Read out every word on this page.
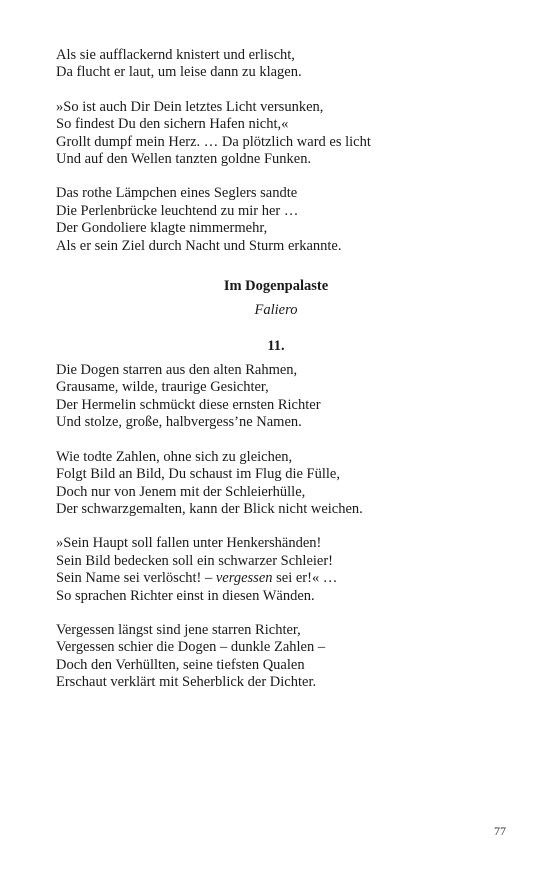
Als sie aufflackernd knistert und erlischt,
Da flucht er laut, um leise dann zu klagen.
»So ist auch Dir Dein letztes Licht versunken,
So findest Du den sichern Hafen nicht,«
Grollt dumpf mein Herz. … Da plötzlich ward es licht
Und auf den Wellen tanzten goldne Funken.
Das rothe Lämpchen eines Seglers sandte
Die Perlenbrücke leuchtend zu mir her …
Der Gondoliere klagte nimmermehr,
Als er sein Ziel durch Nacht und Sturm erkannte.
Im Dogenpalaste
Faliero
11.
Die Dogen starren aus den alten Rahmen,
Grausame, wilde, traurige Gesichter,
Der Hermelin schmückt diese ernsten Richter
Und stolze, große, halbvergess’ne Namen.
Wie todte Zahlen, ohne sich zu gleichen,
Folgt Bild an Bild, Du schaust im Flug die Fülle,
Doch nur von Jenem mit der Schleierhülle,
Der schwarzgemalten, kann der Blick nicht weichen.
»Sein Haupt soll fallen unter Henkershänden!
Sein Bild bedecken soll ein schwarzer Schleier!
Sein Name sei verlöscht! – vergessen sei er!« …
So sprachen Richter einst in diesen Wänden.
Vergessen längst sind jene starren Richter,
Vergessen schier die Dogen – dunkle Zahlen –
Doch den Verhüllten, seine tiefsten Qualen
Erschaut verklärt mit Seherblick der Dichter.
77
